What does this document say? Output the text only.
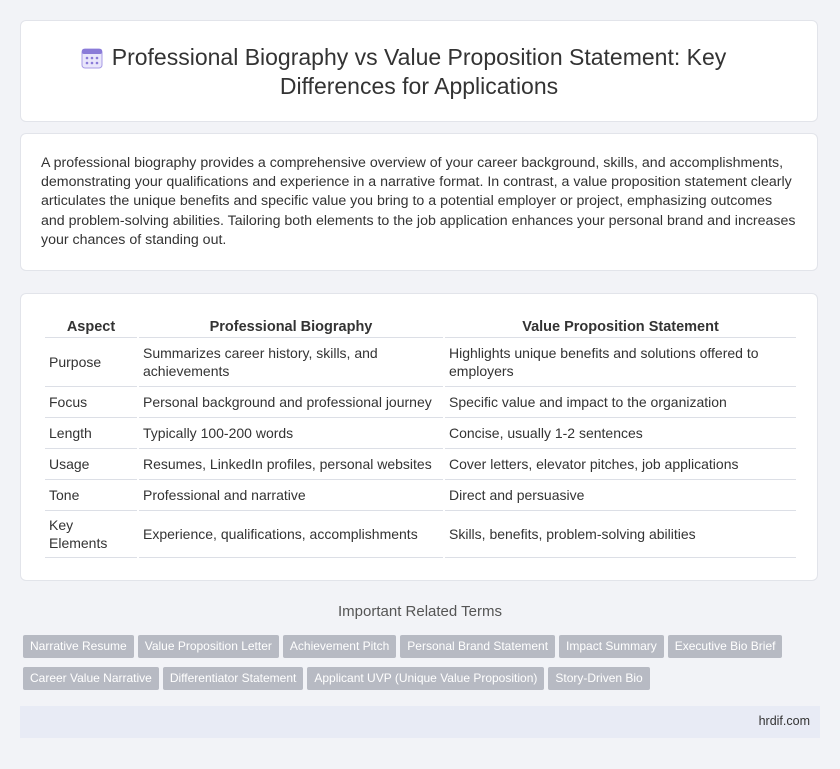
Professional Biography vs Value Proposition Statement: Key Differences for Applications
A professional biography provides a comprehensive overview of your career background, skills, and accomplishments, demonstrating your qualifications and experience in a narrative format. In contrast, a value proposition statement clearly articulates the unique benefits and specific value you bring to a potential employer or project, emphasizing outcomes and problem-solving abilities. Tailoring both elements to the job application enhances your personal brand and increases your chances of standing out.
Aspect	Professional Biography	Value Proposition Statement
Purpose	Summarizes career history, skills, and achievements	Highlights unique benefits and solutions offered to employers
Focus	Personal background and professional journey	Specific value and impact to the organization
Length	Typically 100-200 words	Concise, usually 1-2 sentences
Usage	Resumes, LinkedIn profiles, personal websites	Cover letters, elevator pitches, job applications
Tone	Professional and narrative	Direct and persuasive
Key Elements	Experience, qualifications, accomplishments	Skills, benefits, problem-solving abilities
Important Related Terms
Narrative Resume Value Proposition Letter Achievement Pitch Personal Brand Statement Impact Summary Executive Bio Brief
Career Value Narrative Differentiator Statement Applicant UVP (Unique Value Proposition) Story-Driven Bio
hrdif.com
